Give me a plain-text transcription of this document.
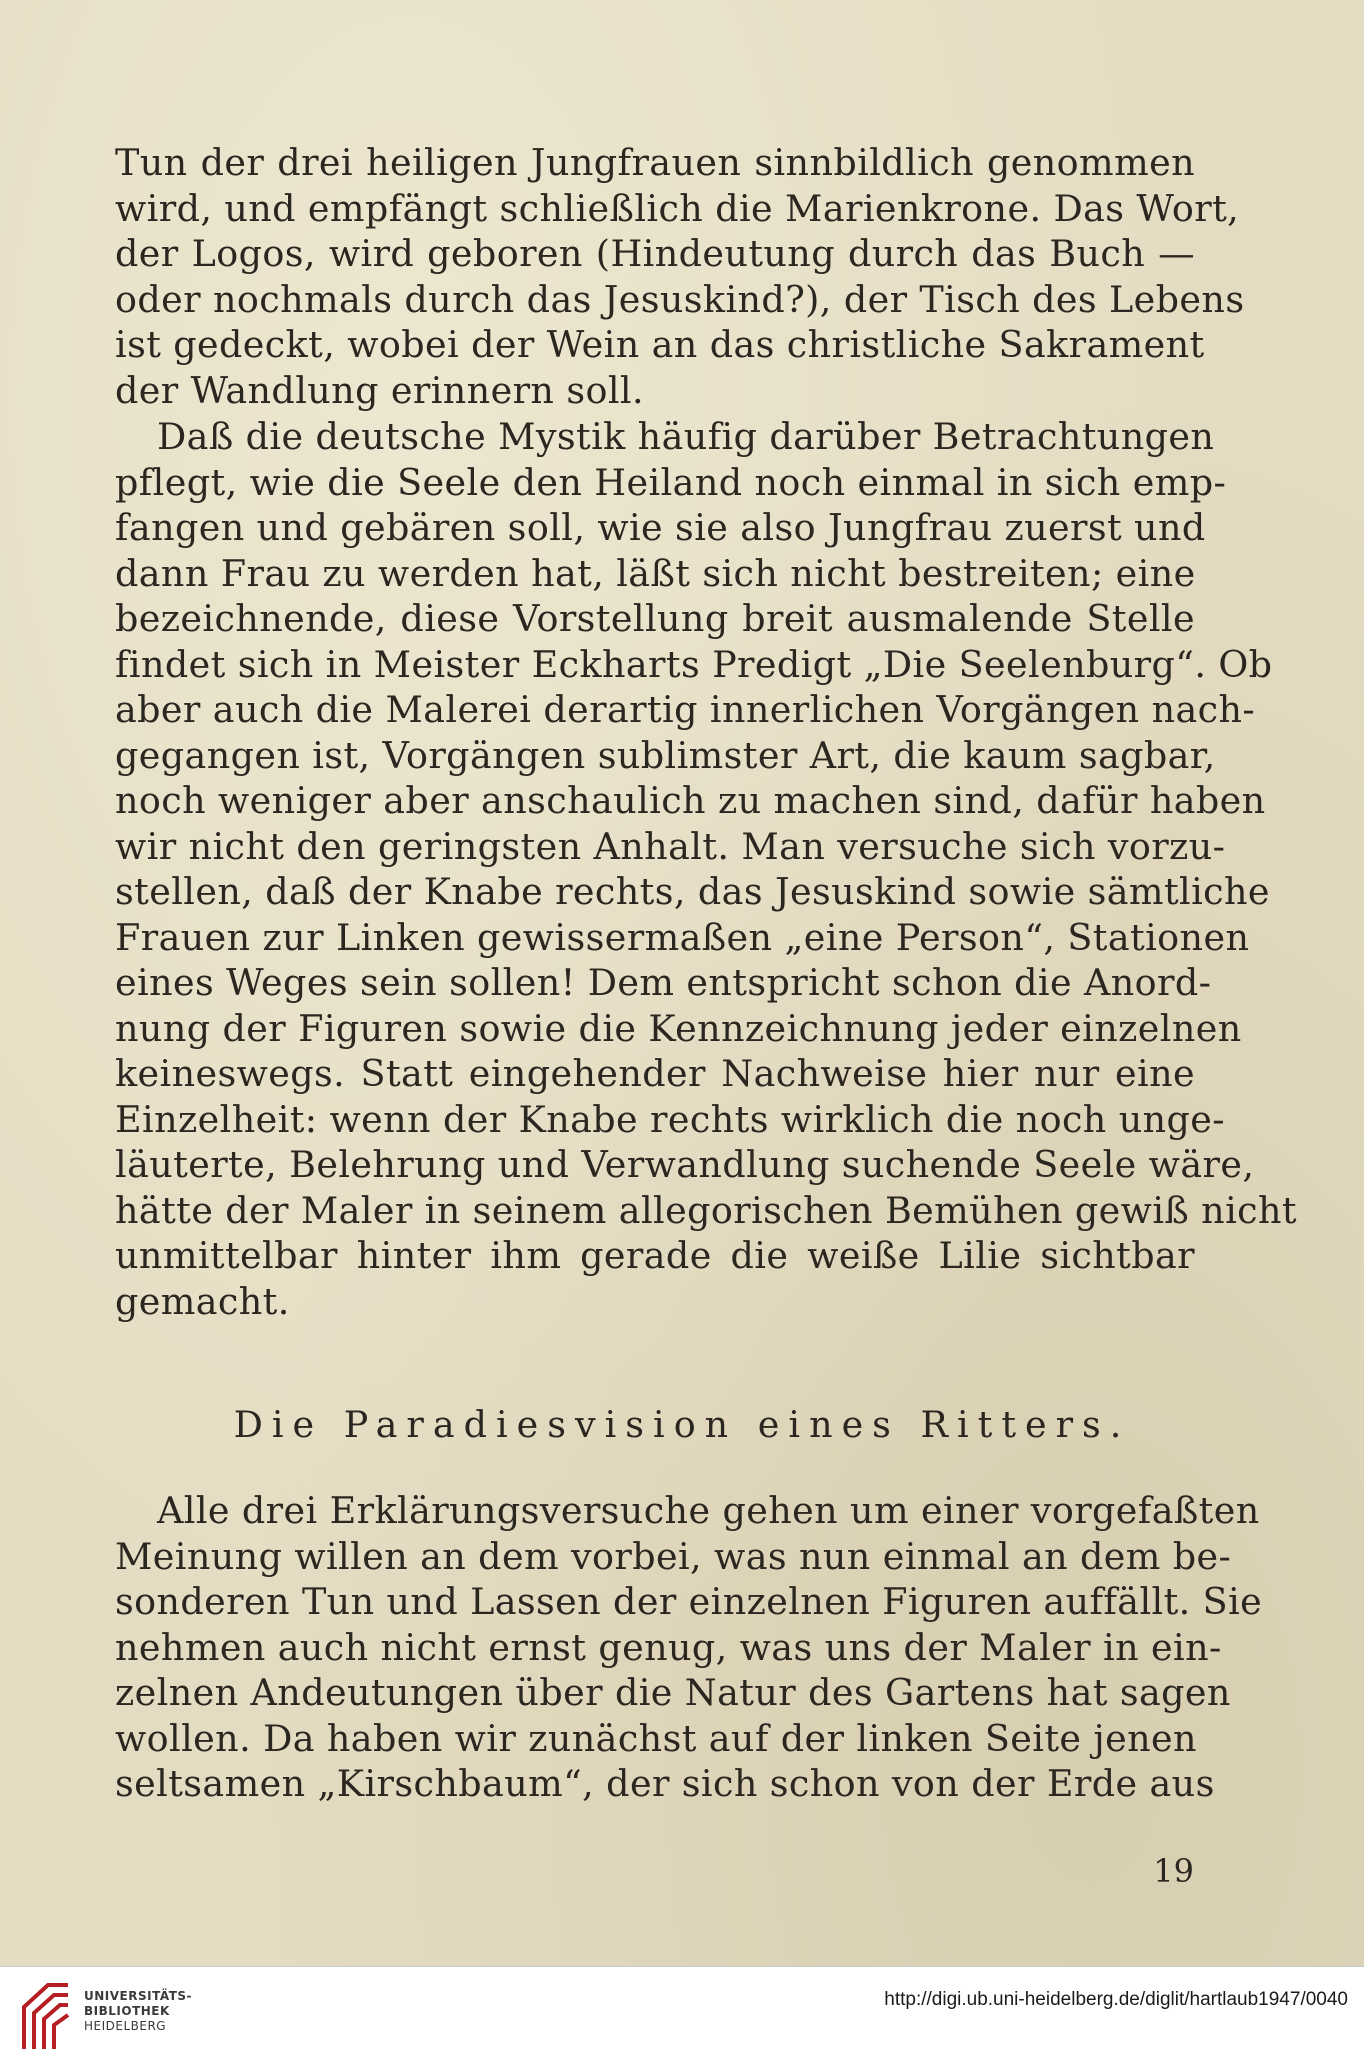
Tun der drei heiligen Jungfrauen sinnbildlich genommen
wird, und empfängt schließlich die Marienkrone. Das Wort,
der Logos, wird geboren (Hindeutung durch das Buch —
oder nochmals durch das Jesuskind?), der Tisch des Lebens
ist gedeckt, wobei der Wein an das christliche Sakrament
der Wandlung erinnern soll.
Daß die deutsche Mystik häufig darüber Betrachtungen
pflegt, wie die Seele den Heiland noch einmal in sich emp-
fangen und gebären soll, wie sie also Jungfrau zuerst und
dann Frau zu werden hat, läßt sich nicht bestreiten; eine
bezeichnende, diese Vorstellung breit ausmalende Stelle
findet sich in Meister Eckharts Predigt „Die Seelenburg“. Ob
aber auch die Malerei derartig innerlichen Vorgängen nach-
gegangen ist, Vorgängen sublimster Art, die kaum sagbar,
noch weniger aber anschaulich zu machen sind, dafür haben
wir nicht den geringsten Anhalt. Man versuche sich vorzu-
stellen, daß der Knabe rechts, das Jesuskind sowie sämtliche
Frauen zur Linken gewissermaßen „eine Person“, Stationen
eines Weges sein sollen! Dem entspricht schon die Anord-
nung der Figuren sowie die Kennzeichnung jeder einzelnen
keineswegs. Statt eingehender Nachweise hier nur eine
Einzelheit: wenn der Knabe rechts wirklich die noch unge-
läuterte, Belehrung und Verwandlung suchende Seele wäre,
hätte der Maler in seinem allegorischen Bemühen gewiß nicht
unmittelbar hinter ihm gerade die weiße Lilie sichtbar
gemacht.
Die Paradiesvision eines Ritters.
Alle drei Erklärungsversuche gehen um einer vorgefaßten
Meinung willen an dem vorbei, was nun einmal an dem be-
sonderen Tun und Lassen der einzelnen Figuren auffällt. Sie
nehmen auch nicht ernst genug, was uns der Maler in ein-
zelnen Andeutungen über die Natur des Gartens hat sagen
wollen. Da haben wir zunächst auf der linken Seite jenen
seltsamen „Kirschbaum“, der sich schon von der Erde aus
19
UNIVERSITÄTS-
BIBLIOTHEK
HEIDELBERG
http://digi.ub.uni-heidelberg.de/diglit/hartlaub1947/0040
